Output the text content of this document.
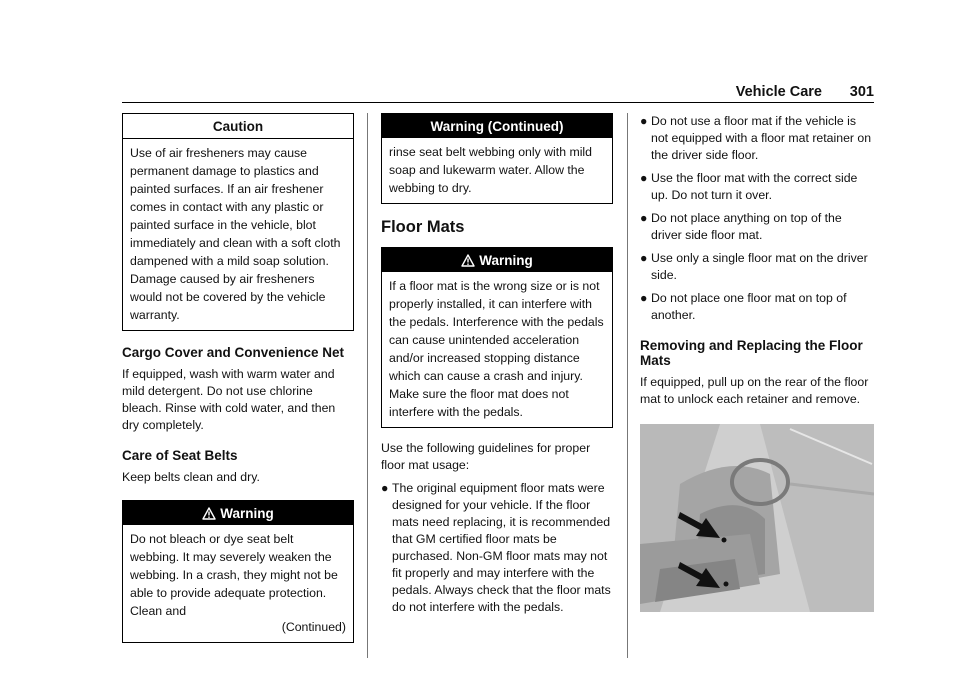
Vehicle Care 301
Caution
Use of air fresheners may cause permanent damage to plastics and painted surfaces. If an air freshener comes in contact with any plastic or painted surface in the vehicle, blot immediately and clean with a soft cloth dampened with a mild soap solution. Damage caused by air fresheners would not be covered by the vehicle warranty.
Cargo Cover and Convenience Net

If equipped, wash with warm water and mild detergent. Do not use chlorine bleach. Rinse with cold water, and then dry completely.

Care of Seat Belts

Keep belts clean and dry.

Warning
Do not bleach or dye seat belt webbing. It may severely weaken the webbing. In a crash, they might not be able to provide adequate protection. Clean and
(Continued)
Warning (Continued)
rinse seat belt webbing only with mild soap and lukewarm water. Allow the webbing to dry.
Floor Mats
Warning
If a floor mat is the wrong size or is not properly installed, it can interfere with the pedals. Interference with the pedals can cause unintended acceleration and/or increased stopping distance which can cause a crash and injury. Make sure the floor mat does not interfere with the pedals.

Use the following guidelines for proper floor mat usage:

● The original equipment floor mats were designed for your vehicle. If the floor mats need replacing, it is recommended that GM certified floor mats be purchased. Non-GM floor mats may not fit properly and may interfere with the pedals. Always check that the floor mats do not interfere with the pedals.
● Do not use a floor mat if the vehicle is not equipped with a floor mat retainer on the driver side floor.
● Use the floor mat with the correct side up. Do not turn it over.
● Do not place anything on top of the driver side floor mat.
● Use only a single floor mat on the driver side.
● Do not place one floor mat on top of another.
Removing and Replacing the Floor Mats

If equipped, pull up on the rear of the floor mat to unlock each retainer and remove.
